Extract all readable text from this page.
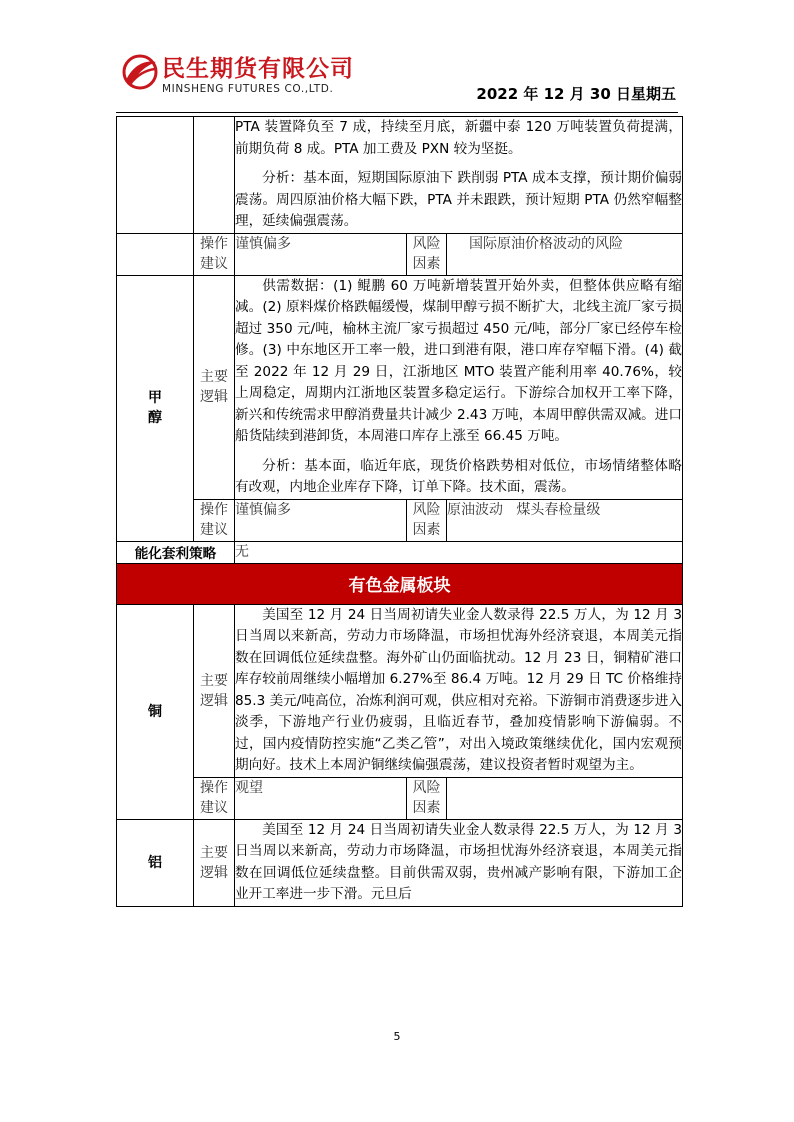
民生期货有限公司
MINSHENG FUTURES CO.,LTD.	2022 年 12 月 30 日星期五

		PTA 装置降负至 7 成，持续至月底，新疆中泰 120 万吨装置负荷提满，前期负荷 8 成。PTA 加工费及 PXN 较为坚挺。

分析：基本面，短期国际原油下 跌削弱 PTA 成本支撑，预计期价偏弱震荡。周四原油价格大幅下跌，PTA 并未跟跌，预计短期 PTA 仍然窄幅整理，延续偏强震荡。		

	操作建议	谨慎偏多	风险因素	国际原油价格波动的风险
甲醇	主要逻辑	供需数据：(1) 鲲鹏 60 万吨新增装置开始外卖，但整体供应略有缩减。(2) 原料煤价格跌幅缓慢，煤制甲醇亏损不断扩大，北线主流厂家亏损超过 350 元/吨，榆林主流厂家亏损超过 450 元/吨，部分厂家已经停车检修。(3) 中东地区开工率一般，进口到港有限，港口库存窄幅下滑。(4) 截至 2022 年 12 月 29 日，江浙地区 MTO 装置产能利用率 40.76%，较上周稳定，周期内江浙地区装置多稳定运行。下游综合加权开工率下降，新兴和传统需求甲醇消费量共计减少 2.43 万吨，本周甲醇供需双减。进口船货陆续到港卸货，本周港口库存上涨至 66.45 万吨。

分析：基本面，临近年底，现货价格跌势相对低位，市场情绪整体略有改观，内地企业库存下降，订单下降。技术面，震荡。		

	操作建议	谨慎偏多	风险因素	原油波动   煤头春检量级
能化套利策略		无		
有色金属板块				
铜	主要逻辑	美国至 12 月 24 日当周初请失业金人数录得 22.5 万人，为 12 月 3 日当周以来新高，劳动力市场降温，市场担忧海外经济衰退，本周美元指数在回调低位延续盘整。海外矿山仍面临扰动。12 月 23 日，铜精矿港口库存较前周继续小幅增加 6.27%至 86.4 万吨。12 月 29 日 TC 价格维持 85.3 美元/吨高位，冶炼利润可观，供应相对充裕。下游铜市消费逐步进入淡季，下游地产行业仍疲弱，且临近春节，叠加疫情影响下游偏弱。不过，国内疫情防控实施“乙类乙管”，对出入境政策继续优化，国内宏观预期向好。技术上本周沪铜继续偏强震荡，建议投资者暂时观望为主。		

	操作建议	观望	风险因素	
铝	主要逻辑	美国至 12 月 24 日当周初请失业金人数录得 22.5 万人，为 12 月 3 日当周以来新高，劳动力市场降温，市场担忧海外经济衰退，本周美元指数在回调低位延续盘整。目前供需双弱，贵州减产影响有限，下游加工企业开工率进一步下滑。元旦后		

5
